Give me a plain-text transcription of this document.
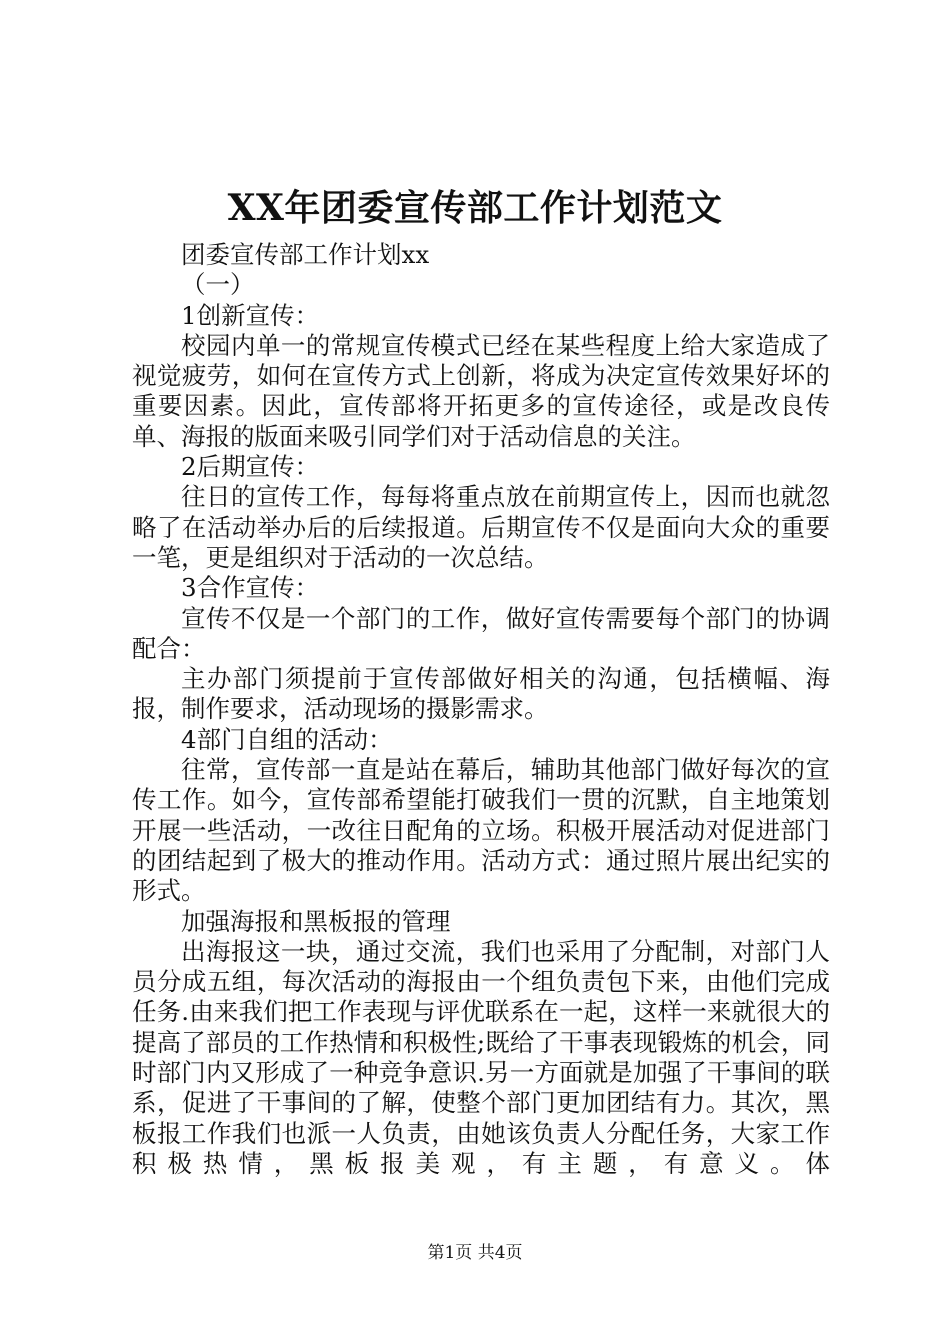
XX年团委宣传部工作计划范文

团委宣传部工作计划xx

（一）

1创新宣传：

校园内单一的常规宣传模式已经在某些程度上给大家造成了视觉疲劳，如何在宣传方式上创新，将成为决定宣传效果好坏的重要因素。因此，宣传部将开拓更多的宣传途径，或是改良传单、海报的版面来吸引同学们对于活动信息的关注。

2后期宣传：

往日的宣传工作，每每将重点放在前期宣传上，因而也就忽略了在活动举办后的后续报道。后期宣传不仅是面向大众的重要一笔，更是组织对于活动的一次总结。

3合作宣传：

宣传不仅是一个部门的工作，做好宣传需要每个部门的协调配合：

主办部门须提前于宣传部做好相关的沟通，包括横幅、海报，制作要求，活动现场的摄影需求。

4部门自组的活动：

往常，宣传部一直是站在幕后，辅助其他部门做好每次的宣传工作。如今，宣传部希望能打破我们一贯的沉默，自主地策划开展一些活动，一改往日配角的立场。积极开展活动对促进部门的团结起到了极大的推动作用。活动方式：通过照片展出纪实的形式。

加强海报和黑板报的管理

出海报这一块，通过交流，我们也采用了分配制，对部门人员分成五组，每次活动的海报由一个组负责包下来，由他们完成任务.由来我们把工作表现与评优联系在一起，这样一来就很大的提高了部员的工作热情和积极性;既给了干事表现锻炼的机会，同时部门内又形成了一种竞争意识.另一方面就是加强了干事间的联系，促进了干事间的了解，使整个部门更加团结有力。其次，黑板报工作我们也派一人负责，由她该负责人分配任务，大家工作积极热情，黑板报美观，有主题，有意义。体

第1页 共4页
